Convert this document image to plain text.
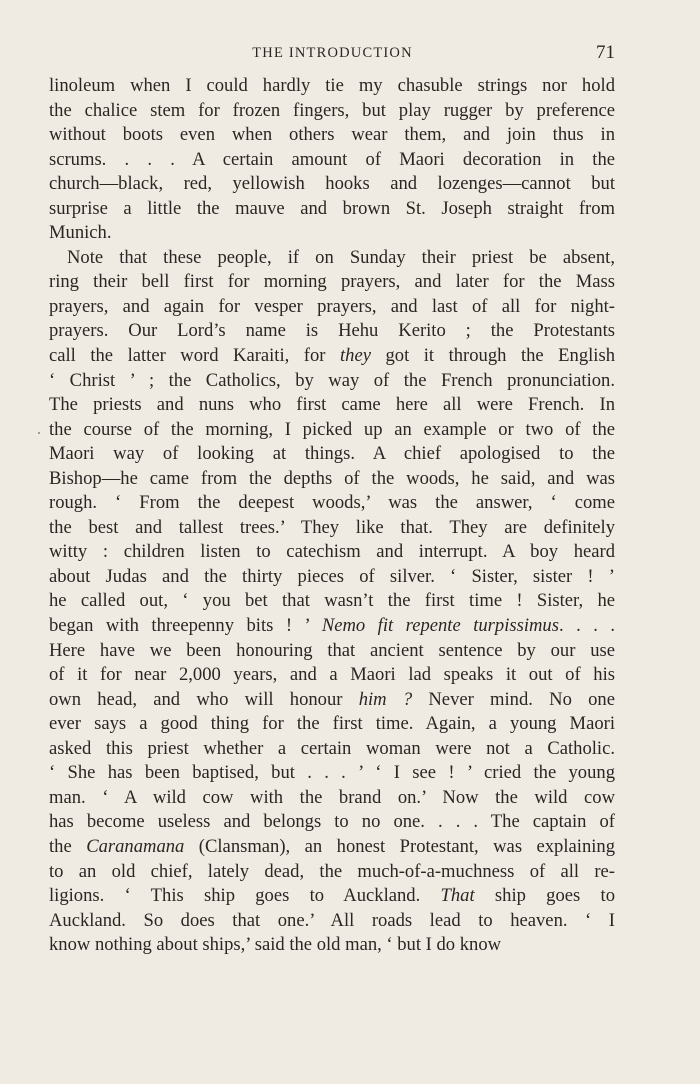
THE INTRODUCTION	71
linoleum when I could hardly tie my chasuble strings nor hold
the chalice stem for frozen fingers, but play rugger by preference
without boots even when others wear them, and join thus in
scrums. . . . A certain amount of Maori decoration in the
church—black, red, yellowish hooks and lozenges—cannot but
surprise a little the mauve and brown St. Joseph straight from
Munich.
Note that these people, if on Sunday their priest be absent,
ring their bell first for morning prayers, and later for the Mass
prayers, and again for vesper prayers, and last of all for night-
prayers. Our Lord’s name is Hehu Kerito ; the Protestants
call the latter word Karaiti, for they got it through the English
‘ Christ ’ ; the Catholics, by way of the French pronunciation.
The priests and nuns who first came here all were French. In
the course of the morning, I picked up an example or two of the
Maori way of looking at things. A chief apologised to the
Bishop—he came from the depths of the woods, he said, and was
rough. ‘ From the deepest woods,’ was the answer, ‘ come
the best and tallest trees.’ They like that. They are definitely
witty : children listen to catechism and interrupt. A boy heard
about Judas and the thirty pieces of silver. ‘ Sister, sister ! ’
he called out, ‘ you bet that wasn’t the first time ! Sister, he
began with threepenny bits ! ’ Nemo fit repente turpissimus. . . .
Here have we been honouring that ancient sentence by our use
of it for near 2,000 years, and a Maori lad speaks it out of his
own head, and who will honour him ? Never mind. No one
ever says a good thing for the first time. Again, a young Maori
asked this priest whether a certain woman were not a Catholic.
‘ She has been baptised, but . . . ’ ‘ I see ! ’ cried the young
man. ‘ A wild cow with the brand on.’ Now the wild cow
has become useless and belongs to no one. . . . The captain of
the Caranamana (Clansman), an honest Protestant, was explaining
to an old chief, lately dead, the much-of-a-muchness of all re-
ligions. ‘ This ship goes to Auckland. That ship goes to
Auckland. So does that one.’ All roads lead to heaven. ‘ I
know nothing about ships,’ said the old man, ‘ but I do know
